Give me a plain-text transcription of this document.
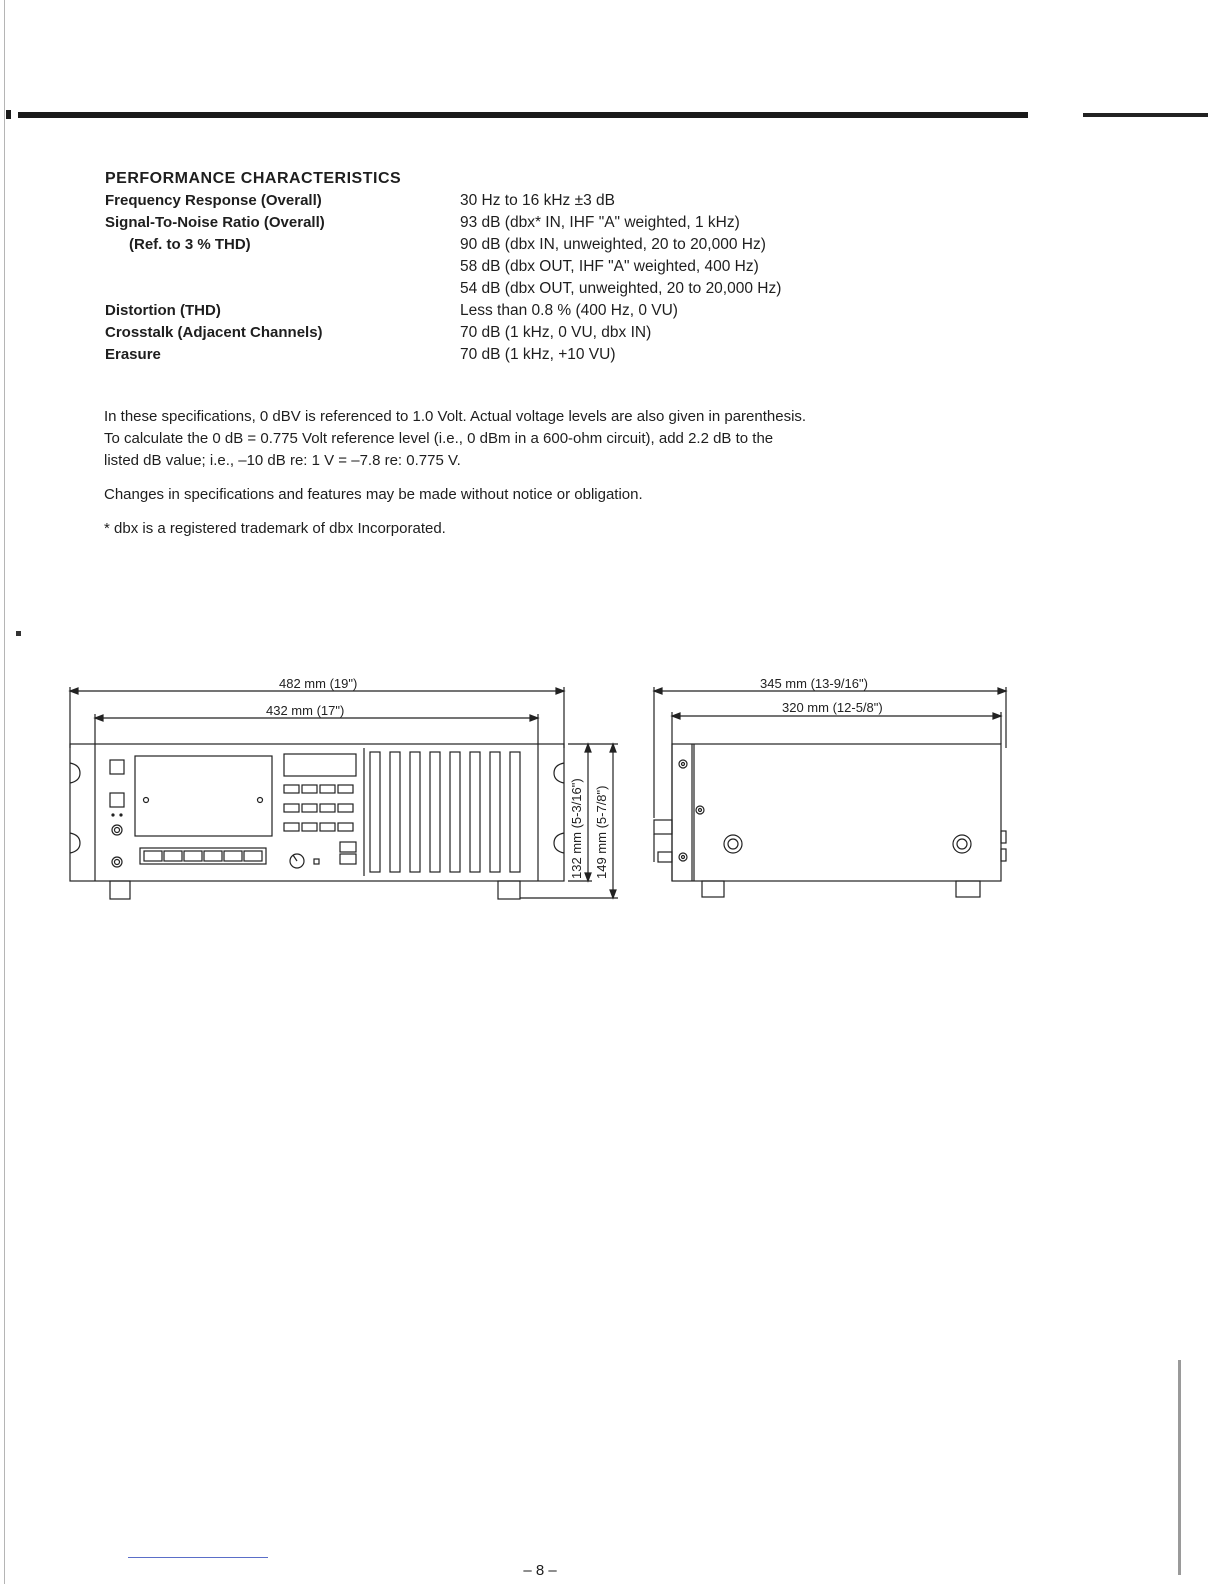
PERFORMANCE CHARACTERISTICS
Frequency Response (Overall)	30 Hz to 16 kHz ±3 dB
Signal-To-Noise Ratio (Overall)	93 dB (dbx* IN, IHF "A" weighted, 1 kHz)
(Ref. to 3 % THD)	90 dB (dbx IN, unweighted, 20 to 20,000 Hz)
58 dB (dbx OUT, IHF "A" weighted, 400 Hz)
54 dB (dbx OUT, unweighted, 20 to 20,000 Hz)
Distortion (THD)	Less than 0.8 % (400 Hz, 0 VU)
Crosstalk (Adjacent Channels)	70 dB (1 kHz, 0 VU, dbx IN)
Erasure	70 dB (1 kHz, +10 VU)

In these specifications, 0 dBV is referenced to 1.0 Volt. Actual voltage levels are also given in parenthesis.

To calculate the 0 dB = 0.775 Volt reference level (i.e., 0 dBm in a 600-ohm circuit), add 2.2 dB to the

listed dB value; i.e., –10 dB re: 1 V = –7.8 re: 0.775 V.

Changes in specifications and features may be made without notice or obligation.

* dbx is a registered trademark of dbx Incorporated.

482 mm (19")
432 mm (17")
132 mm (5-3/16") 149 mm (5-7/8")
345 mm (13-9/16")
320 mm (12-5/8")
– 8 –
